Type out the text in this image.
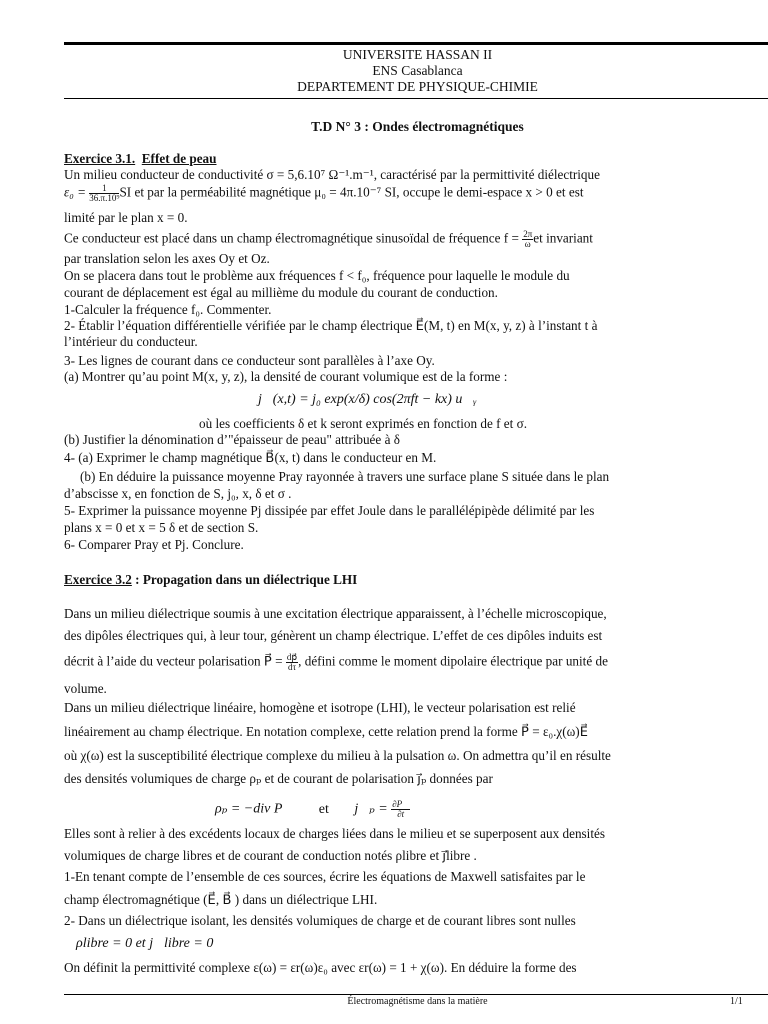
UNIVERSITE HASSAN II
ENS Casablanca
DEPARTEMENT DE PHYSIQUE-CHIMIE
T.D N° 3 : Ondes électromagnétiques
Exercice 3.1. Effet de peau
Un milieu conducteur de conductivité σ = 5,6.10⁷ Ω⁻¹.m⁻¹, caractérisé par la permittivité diélectrique
$\varepsilon_0 = \frac{1}{\text{36.π.10⁹}}$ SI et par la perméabilité magnétique μ₀ = 4π.10⁻⁷ SI, occupe le demi-espace x > 0 et est
limité par le plan x = 0.
Ce conducteur est placé dans un champ électromagnétique sinusoïdal de fréquence $f = \frac{2\pi}{\omega}$ et invariant
par translation selon les axes Oy et Oz.
On se placera dans tout le problème aux fréquences f < f₀, fréquence pour laquelle le module du
courant de déplacement est égal au millième du module du courant de conduction.
1-Calculer la fréquence f₀. Commenter.
2- Établir l’équation différentielle vérifiée par le champ électrique E⃗(M, t) en M(x, y, z) à l’instant t à
l’intérieur du conducteur.
3- Les lignes de courant dans ce conducteur sont parallèles à l’axe Oy.
(a) Montrer qu’au point M(x, y, z), la densité de courant volumique est de la forme :
j⃗(x,t) = j₀ exp(x/δ) cos(2πft − kx) u⃗ᵧ
où les coefficients δ et k seront exprimés en fonction de f et σ.
(b) Justifier la dénomination d’"épaisseur de peau" attribuée à δ
4- (a) Exprimer le champ magnétique B⃗(x, t) dans le conducteur en M.
(b) En déduire la puissance moyenne Pray rayonnée à travers une surface plane S située dans le plan
d’abscisse x, en fonction de S, j₀, x, δ et σ .
5- Exprimer la puissance moyenne Pj dissipée par effet Joule dans le parallélépipède délimité par les
plans x = 0 et x = 5 δ et de section S.
6- Comparer Pray et Pj. Conclure.
Exercice 3.2 : Propagation dans un diélectrique LHI
Dans un milieu diélectrique soumis à une excitation électrique apparaissent, à l’échelle microscopique,
des dipôles électriques qui, à leur tour, génèrent un champ électrique. L’effet de ces dipôles induits est
décrit à l’aide du vecteur polarisation P⃗ = $\frac{dp⃗}{d\tau}$ , défini comme le moment dipolaire électrique par unité de
volume.
Dans un milieu diélectrique linéaire, homogène et isotrope (LHI), le vecteur polarisation est relié
linéairement au champ électrique. En notation complexe, cette relation prend la forme P⃗ = ε₀.χ(ω)E⃗
où χ(ω) est la susceptibilité électrique complexe du milieu à la pulsation ω. On admettra qu’il en résulte
des densités volumiques de charge ρₚ et de courant de polarisation j⃗ₚ données par
ρₚ = −div P⃗ et j⃗ₚ = $\frac{\partial P⃗}{\partial t}$
Elles sont à relier à des excédents locaux de charges liées dans le milieu et se superposent aux densités
volumiques de charge libres et de courant de conduction notés ρlibre et j⃗libre .
1-En tenant compte de l’ensemble de ces sources, écrire les équations de Maxwell satisfaites par le
champ électromagnétique (E⃗, B⃗ ) dans un diélectrique LHI.
2- Dans un diélectrique isolant, les densités volumiques de charge et de courant libres sont nulles
ρlibre = 0 et j⃗libre = 0⃗
On définit la permittivité complexe ε(ω) = εr(ω)ε₀ avec εr(ω) = 1 + χ(ω). En déduire la forme des
Électromagnétisme dans la matière	1/1
